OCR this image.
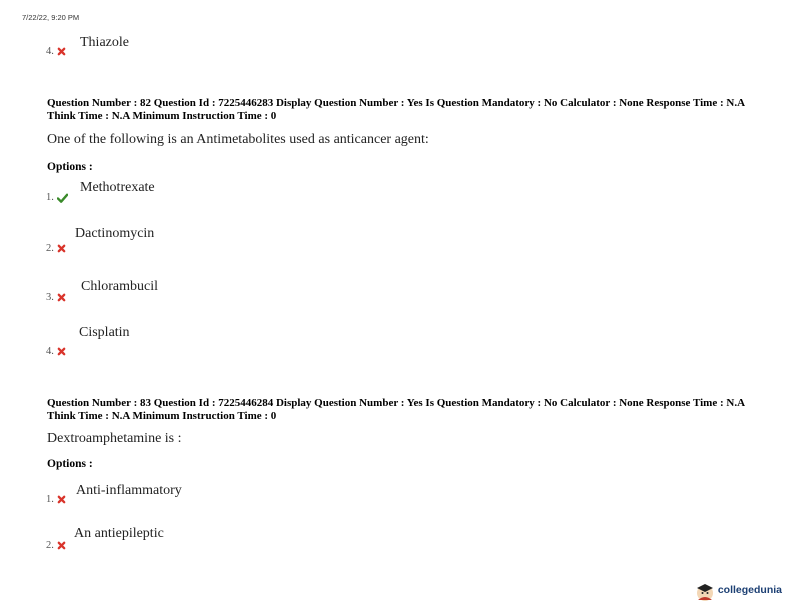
7/22/22, 9:20 PM
4.
Thiazole
Question Number : 82 Question Id : 7225446283 Display Question Number : Yes Is Question Mandatory : No Calculator : None Response Time : N.A Think Time : N.A Minimum Instruction Time : 0
One of the following is an Antimetabolites used as anticancer agent:
Options :
1.
Methotrexate
2.
Dactinomycin
3.
Chlorambucil
4.
Cisplatin
Question Number : 83 Question Id : 7225446284 Display Question Number : Yes Is Question Mandatory : No Calculator : None Response Time : N.A Think Time : N.A Minimum Instruction Time : 0
Dextroamphetamine is :
Options :
1.
Anti-inflammatory
2.
An antiepileptic
collegedunia
